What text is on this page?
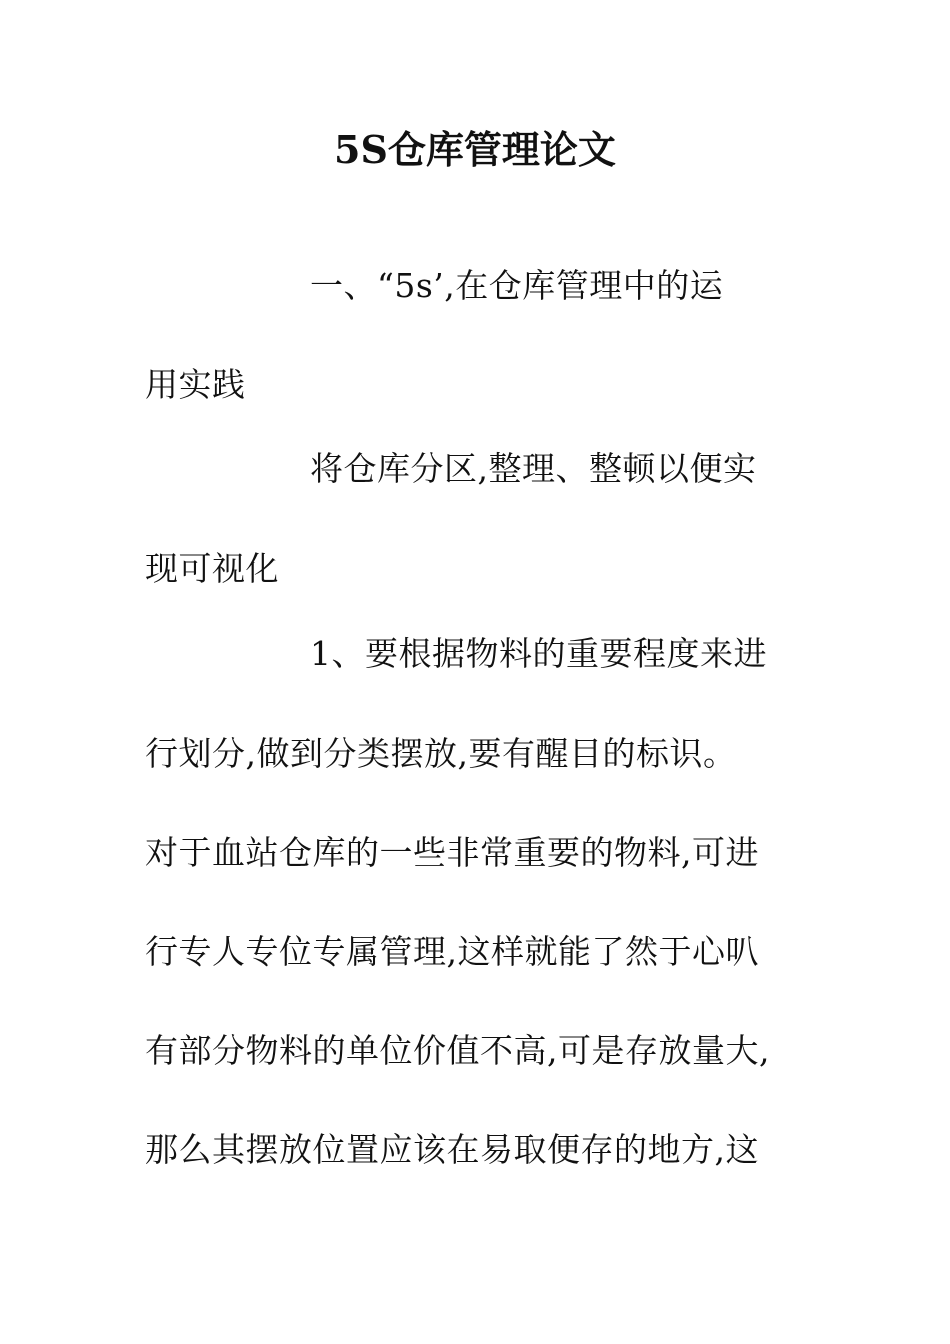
5S仓库管理论文
一、“5s’,在仓库管理中的运
用实践
将仓库分区,整理、整顿以便实
现可视化
1、要根据物料的重要程度来进
行划分,做到分类摆放,要有醒目的标识。
对于血站仓库的一些非常重要的物料,可进
行专人专位专属管理,这样就能了然于心叭
有部分物料的单位价值不高,可是存放量大,
那么其摆放位置应该在易取便存的地方,这
